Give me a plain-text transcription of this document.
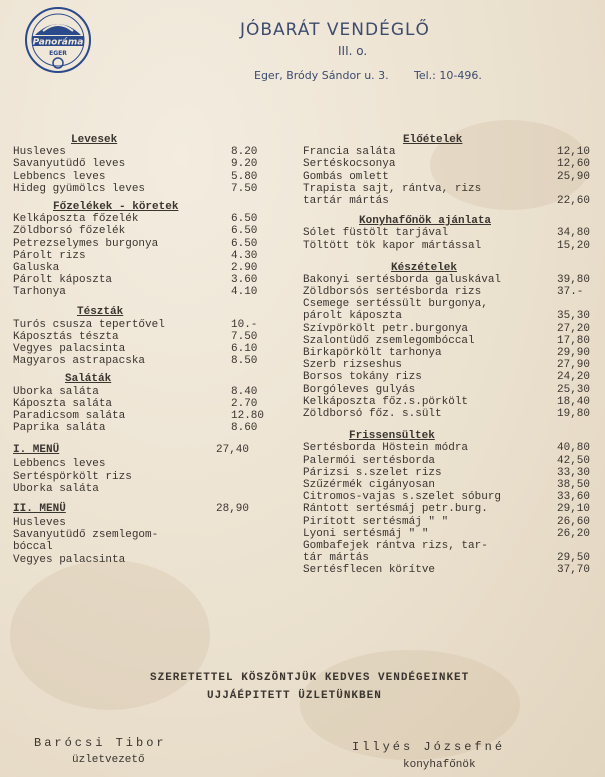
Panoráma
EGER
JÓBARÁT VENDÉGLŐ
III. o.
Eger, Bródy Sándor u. 3. Tel.: 10-496.
Levesek
Husleves	8.20
Savanyutüdő leves	9.20
Lebbencs leves	5.80
Hideg gyümölcs leves	7.50
Főzelékek - köretek
Kelkáposzta főzelék	6.50
Zöldborsó főzelék	6.50
Petrezselymes burgonya	6.50
Párolt rizs	4.30
Galuska	2.90
Párolt káposzta	3.60
Tarhonya	4.10
Tészták
Turós csusza tepertővel	10.-
Káposztás tészta	7.50
Vegyes palacsinta	6.10
Magyaros astrapacska	8.50
Saláták
Uborka saláta	8.40
Káposzta saláta	2.70
Paradicsom saláta	12.80
Paprika saláta	8.60
I. MENÜ	27,40
Lebbencs leves
Sertéspörkölt rizs
Uborka saláta
II. MENÜ	28,90
Husleves
Savanyutüdő zsemlegom-
bóccal
Vegyes palacsinta
Előételek
Francia saláta	12,10
Sertéskocsonya	12,60
Gombás omlett	25,90
Trapista sajt, rántva, rizs
tartár mártás	22,60
Konyhafőnök ajánlata
Sólet füstölt tarjával	34,80
Töltött tök kapor mártással	15,20
Készételek
Bakonyi sertésborda galuskával	39,80
Zöldborsós sertésborda rizs	37.-
Csemege sertéssült burgonya,
párolt káposzta	35,30
Szívpörkölt petr.burgonya	27,20
Szalontüdő zsemlegombóccal	17,80
Birkapörkölt tarhonya	29,90
Szerb rizseshus	27,90
Borsos tokány rizs	24,20
Borgóleves gulyás	25,30
Kelkáposzta főz.s.pörkölt	18,40
Zöldborsó főz. s.sült	19,80
Frissensültek
Sertésborda Höstein módra	40,80
Palermói sertésborda	42,50
Párizsi s.szelet rizs	33,30
Szűzérmék cigányosan	38,50
Citromos-vajas s.szelet sóburg	33,60
Rántott sertésmáj petr.burg.	29,10
Pirított sertésmáj " "	26,60
Lyoni sertésmáj " "	26,20
Gombafejek rántva rizs, tar-
tár mártás	29,50
Sertésflecen körítve	37,70
SZERETETTEL KÖSZÖNTJÜK KEDVES VENDÉGEINKET
UJJÁÉPITETT ÜZLETÜNKBEN
Barócsi Tibor
üzletvezető
Illyés Józsefné
konyhafőnök
